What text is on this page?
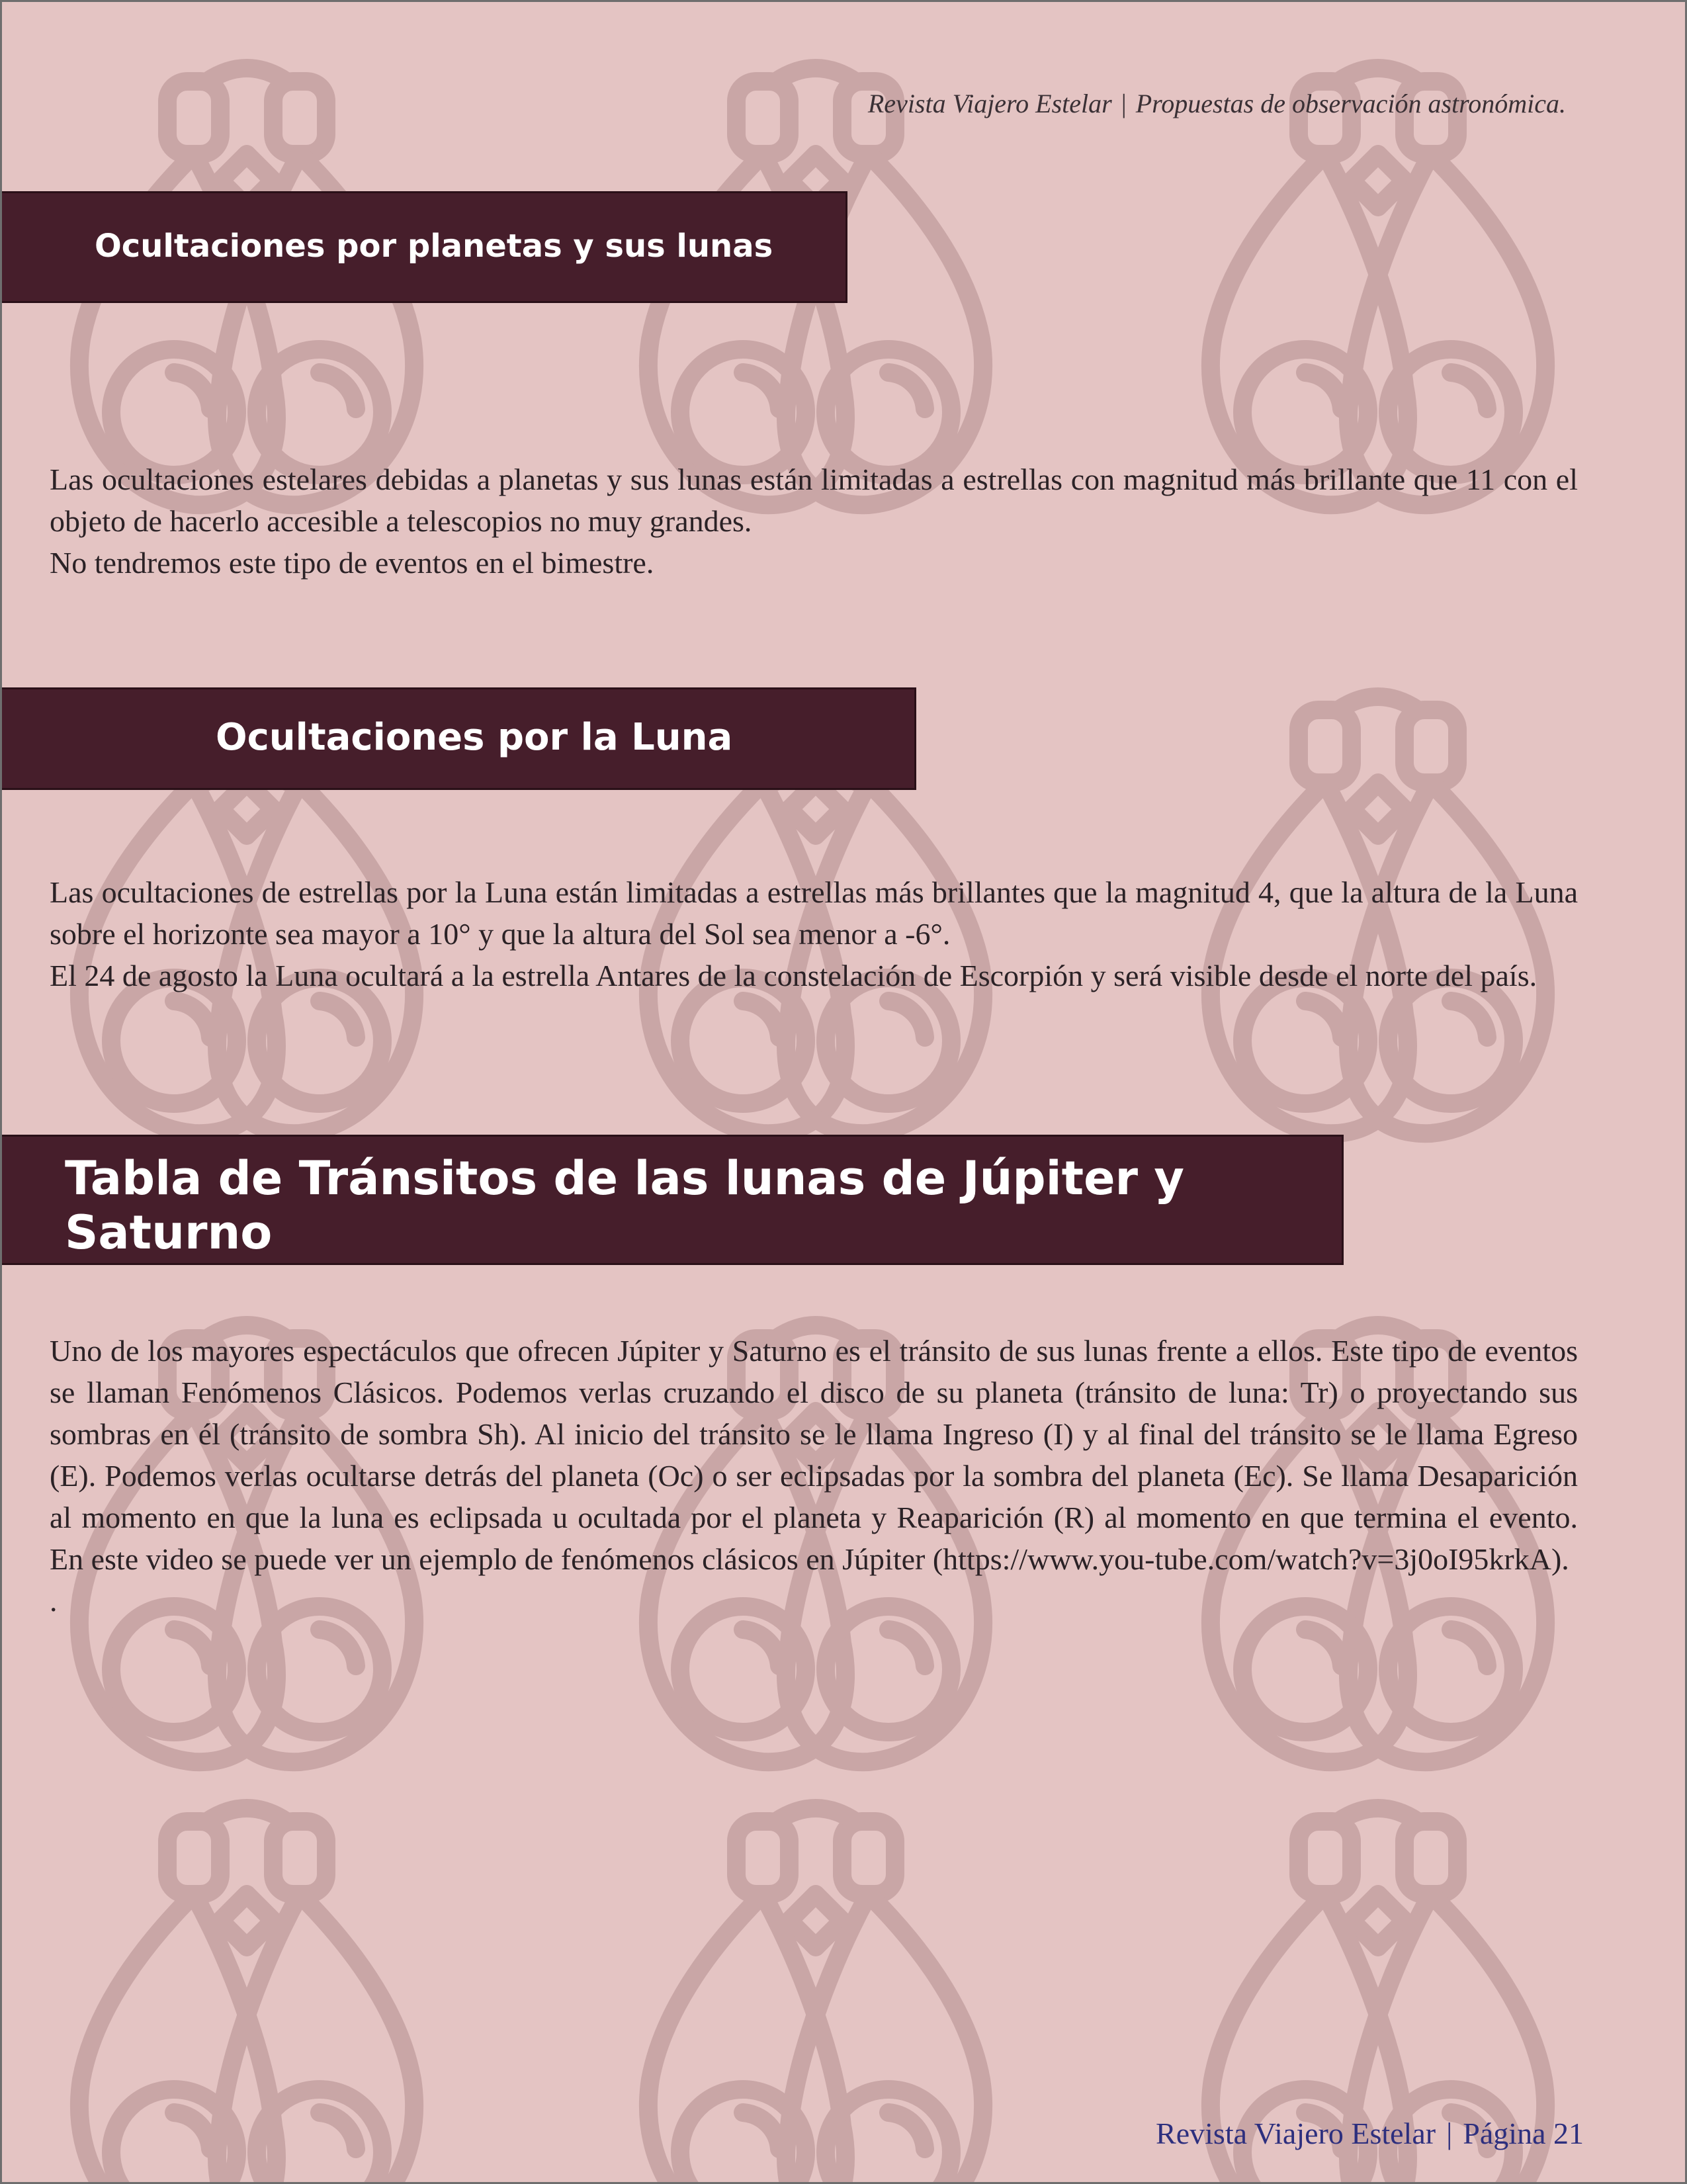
Revista Viajero Estelar | Propuestas de observación astronómica.
Ocultaciones por planetas y sus lunas

Las ocultaciones estelares debidas a planetas y sus lunas están limitadas a estrellas con magnitud más brillante que 11 con el objeto de hacerlo accesible a telescopios no muy grandes.

No tendremos este tipo de eventos en el bimestre.

Ocultaciones por la Luna

Las ocultaciones de estrellas por la Luna están limitadas a estrellas más brillantes que la magnitud 4, que la altura de la Luna sobre el horizonte sea mayor a 10° y que la altura del Sol sea menor a -6°.

El 24 de agosto la Luna ocultará a la estrella Antares de la constelación de Escorpión y será visible desde el norte del país.

Tabla de Tránsitos de las lunas de Júpiter y Saturno

Uno de los mayores espectáculos que ofrecen Júpiter y Saturno es el tránsito de sus lunas frente a ellos. Este tipo de eventos se llaman Fenómenos Clásicos. Podemos verlas cruzando el disco de su planeta (tránsito de luna: Tr) o proyectando sus sombras en él (tránsito de sombra Sh). Al inicio del tránsito se le llama Ingreso (I) y al final del tránsito se le llama Egreso (E). Podemos verlas ocultarse detrás del planeta (Oc) o ser eclipsadas por la sombra del planeta (Ec). Se llama Desaparición al momento en que la luna es eclipsada u ocultada por el planeta y Reaparición (R) al momento en que termina el evento.

En este video se puede ver un ejemplo de fenómenos clásicos en Júpiter (https://www.you-tube.com/watch?v=3j0oI95krkA).

.

Revista Viajero Estelar | Página 21
